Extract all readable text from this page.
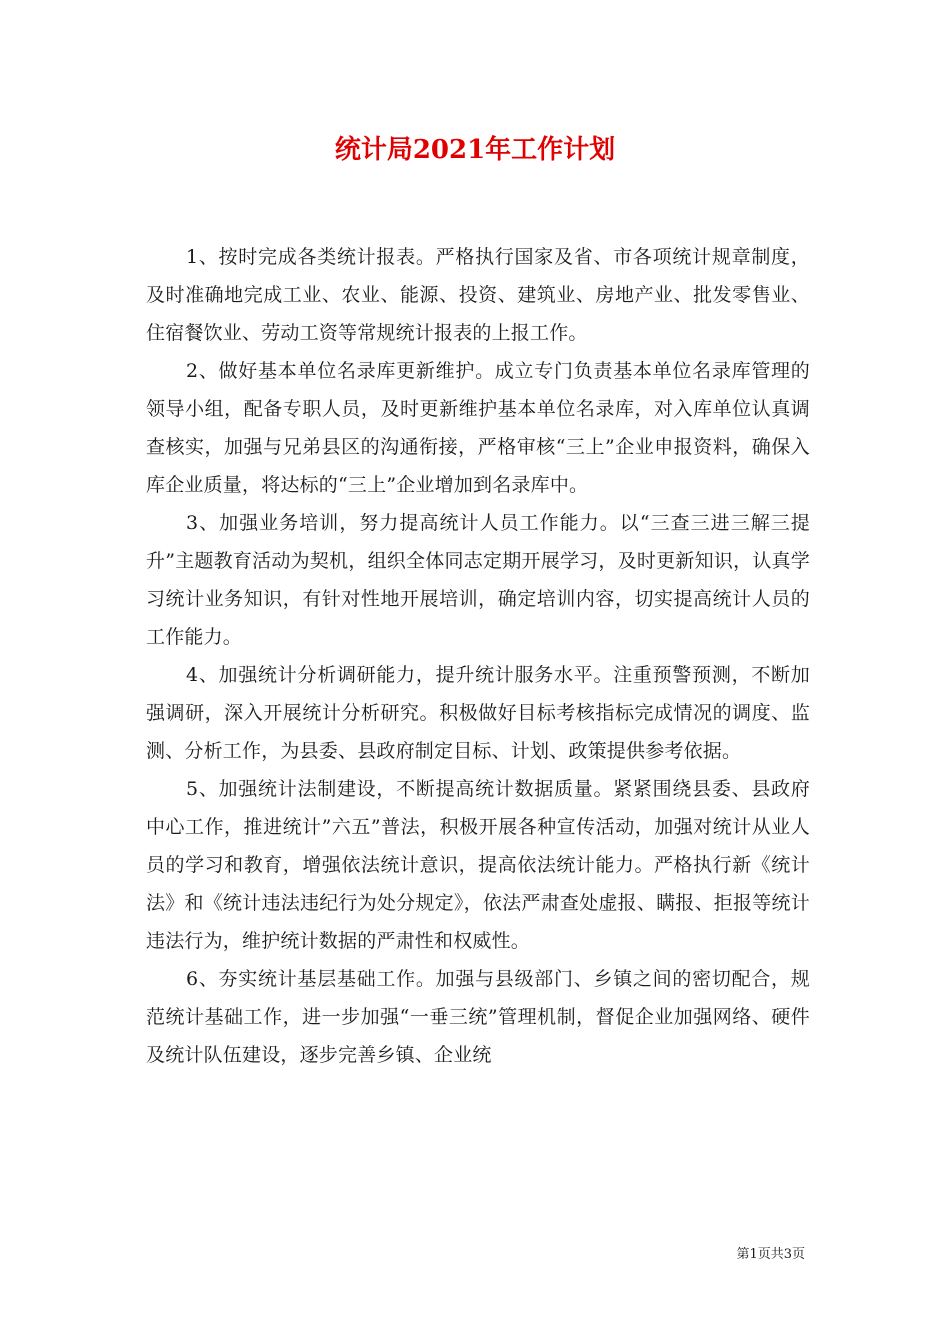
统计局2021年工作计划

1、按时完成各类统计报表。严格执行国家及省、市各项统计规章制度，及时准确地完成工业、农业、能源、投资、建筑业、房地产业、批发零售业、住宿餐饮业、劳动工资等常规统计报表的上报工作。

2、做好基本单位名录库更新维护。成立专门负责基本单位名录库管理的领导小组，配备专职人员，及时更新维护基本单位名录库，对入库单位认真调查核实，加强与兄弟县区的沟通衔接，严格审核“三上”企业申报资料，确保入库企业质量，将达标的“三上”企业增加到名录库中。

3、加强业务培训，努力提高统计人员工作能力。以“三查三进三解三提升”主题教育活动为契机，组织全体同志定期开展学习，及时更新知识，认真学习统计业务知识，有针对性地开展培训，确定培训内容，切实提高统计人员的工作能力。

4、加强统计分析调研能力，提升统计服务水平。注重预警预测，不断加强调研，深入开展统计分析研究。积极做好目标考核指标完成情况的调度、监测、分析工作，为县委、县政府制定目标、计划、政策提供参考依据。

5、加强统计法制建设，不断提高统计数据质量。紧紧围绕县委、县政府中心工作，推进统计”六五”普法，积极开展各种宣传活动，加强对统计从业人员的学习和教育，增强依法统计意识，提高依法统计能力。严格执行新《统计法》和《统计违法违纪行为处分规定》，依法严肃查处虚报、瞒报、拒报等统计违法行为，维护统计数据的严肃性和权威性。

6、夯实统计基层基础工作。加强与县级部门、乡镇之间的密切配合，规范统计基础工作，进一步加强“一垂三统”管理机制，督促企业加强网络、硬件及统计队伍建设，逐步完善乡镇、企业统

第1页共3页
